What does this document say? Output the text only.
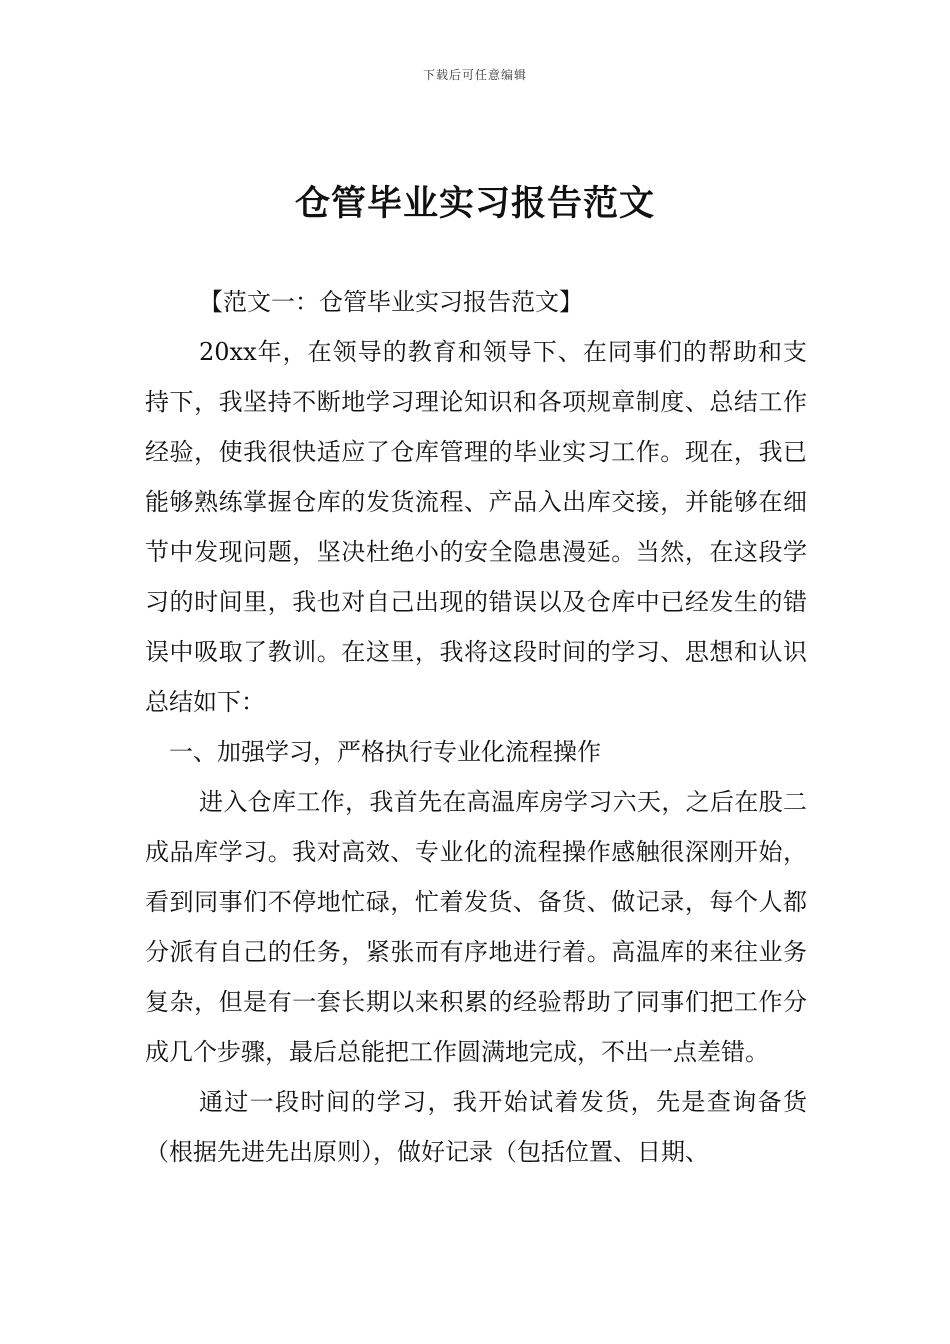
下载后可任意编辑
仓管毕业实习报告范文

【范文一：仓管毕业实习报告范文】

20xx年，在领导的教育和领导下、在同事们的帮助和支持下，我坚持不断地学习理论知识和各项规章制度、总结工作经验，使我很快适应了仓库管理的毕业实习工作。现在，我已能够熟练掌握仓库的发货流程、产品入出库交接，并能够在细节中发现问题，坚决杜绝小的安全隐患漫延。当然，在这段学习的时间里，我也对自己出现的错误以及仓库中已经发生的错误中吸取了教训。在这里，我将这段时间的学习、思想和认识总结如下：

一、加强学习，严格执行专业化流程操作

进入仓库工作，我首先在高温库房学习六天，之后在股二成品库学习。我对高效、专业化的流程操作感触很深刚开始，看到同事们不停地忙碌，忙着发货、备货、做记录，每个人都分派有自己的任务，紧张而有序地进行着。高温库的来往业务复杂，但是有一套长期以来积累的经验帮助了同事们把工作分成几个步骤，最后总能把工作圆满地完成，不出一点差错。

通过一段时间的学习，我开始试着发货，先是查询备货（根据先进先出原则），做好记录（包括位置、日期、
